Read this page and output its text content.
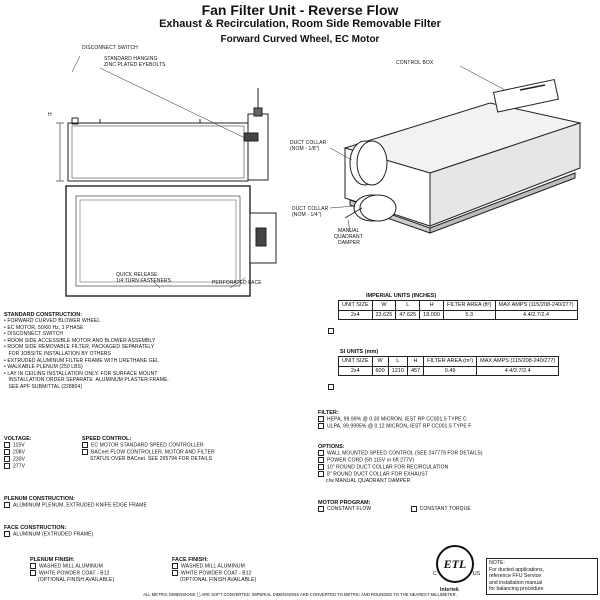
Fan Filter Unit - Reverse Flow
Exhaust & Recirculation, Room Side Removable Filter
Forward Curved Wheel, EC Motor
DISCONNECT SWITCH
STANDARD HANGING
ZINC PLATED EYEBOLTS
H
CONTROL BOX
DUCT COLLAR
(NOM - 1/8")
DUCT COLLAR
(NOM - 1/4")
MANUAL
QUADRANT
DAMPER
QUICK RELEASE
1/4 TURN FASTENERS	PERFORATED FACE
STANDARD CONSTRUCTION:
• FORWARD CURVED BLOWER WHEEL
• EC MOTOR, 50/60 Hz, 1 PHASE
• DISCONNECT SWITCH
• ROOM SIDE ACCESSIBLE MOTOR AND BLOWER ASSEMBLY
• ROOM SIDE REMOVABLE FILTER, PACKAGED SEPARATELY
FOR JOBSITE INSTALLATION BY OTHERS
• EXTRUDED ALUMINUM FILTER FRAME WITH URETHANE GEL
• WALKABLE PLENUM (250 LBS)
• LAY IN CEILING INSTALLATION ONLY. FOR SURFACE MOUNT
INSTALLATION ORDER SEPARATE  ALUMINUM PLASTER FRAME.
SEE APF SUBMITTAL (228804)
IMPERIAL UNITS (INCHES)
UNIT SIZE	W	L	H	FILTER AREA (ft²)	MAX AMPS (115/208-240/277)
2x4	23.625	47.625	18.000	5.3	4.4/2.7/2.4
SI UNITS (mm)
UNIT SIZE	W	L	H	FILTER AREA (m²)	MAX AMPS (115/208-240/277)
2x4	600	1210	457	0.49	4.4/2.7/2.4
VOLTAGE:
115V
208V
230V
277V
SPEED CONTROL:
EC MOTOR STANDARD SPEED CONTROLLER
BACnet FLOW CONTROLLER, MOTOR AND FILTER
STATUS OVER BACnet. SEE 265794 FOR DETAILS
FILTER:
HEPA, 99.99% @ 0.30 MICRON, IEST RP CC001.5 TYPE C
ULPA, 99.9995% @ 0.12 MICRON, IEST RP CC001.5 TYPE F
OPTIONS:
WALL MOUNTED SPEED CONTROL (SEE 247779 FOR DETAILS)
POWER CORD (5ft 115V or 6ft 277V)
10" ROUND DUCT COLLAR FOR RECIRCULATION
8" ROUND DUCT COLLAR FOR EXHAUST
c/w MANUAL QUADRANT DAMPER
PLENUM CONSTRUCTION:
ALUMINUM PLENUM, EXTRUDED KNIFE EDGE FRAME	MOTOR PROGRAM:
CONSTANT FLOW	CONSTANT TORQUE
FACE CONSTRUCTION:
ALUMINUM (EXTRUDED FRAME)
PLENUM FINISH:
WASHED MILL ALUMINUM
WHITE POWDER COAT - B12
(OPTIONAL FINISH AVAILABLE)
FACE FINISH:
WASHED MILL ALUMINUM
WHITE POWDER COAT - B12
(OPTIONAL FINISH AVAILABLE)
ETL
C	US
Intertek
NOTE:
For ducted applications,
reference FFU Service
and installation manual
for balancing procedure
ALL METRIC DIMENSIONS ( ) ARE SOFT CONVERTED. IMPERIAL DIMENSIONS ARE CONVERTED TO METRIC AND ROUNDED TO THE NEAREST MILLIMETER.
